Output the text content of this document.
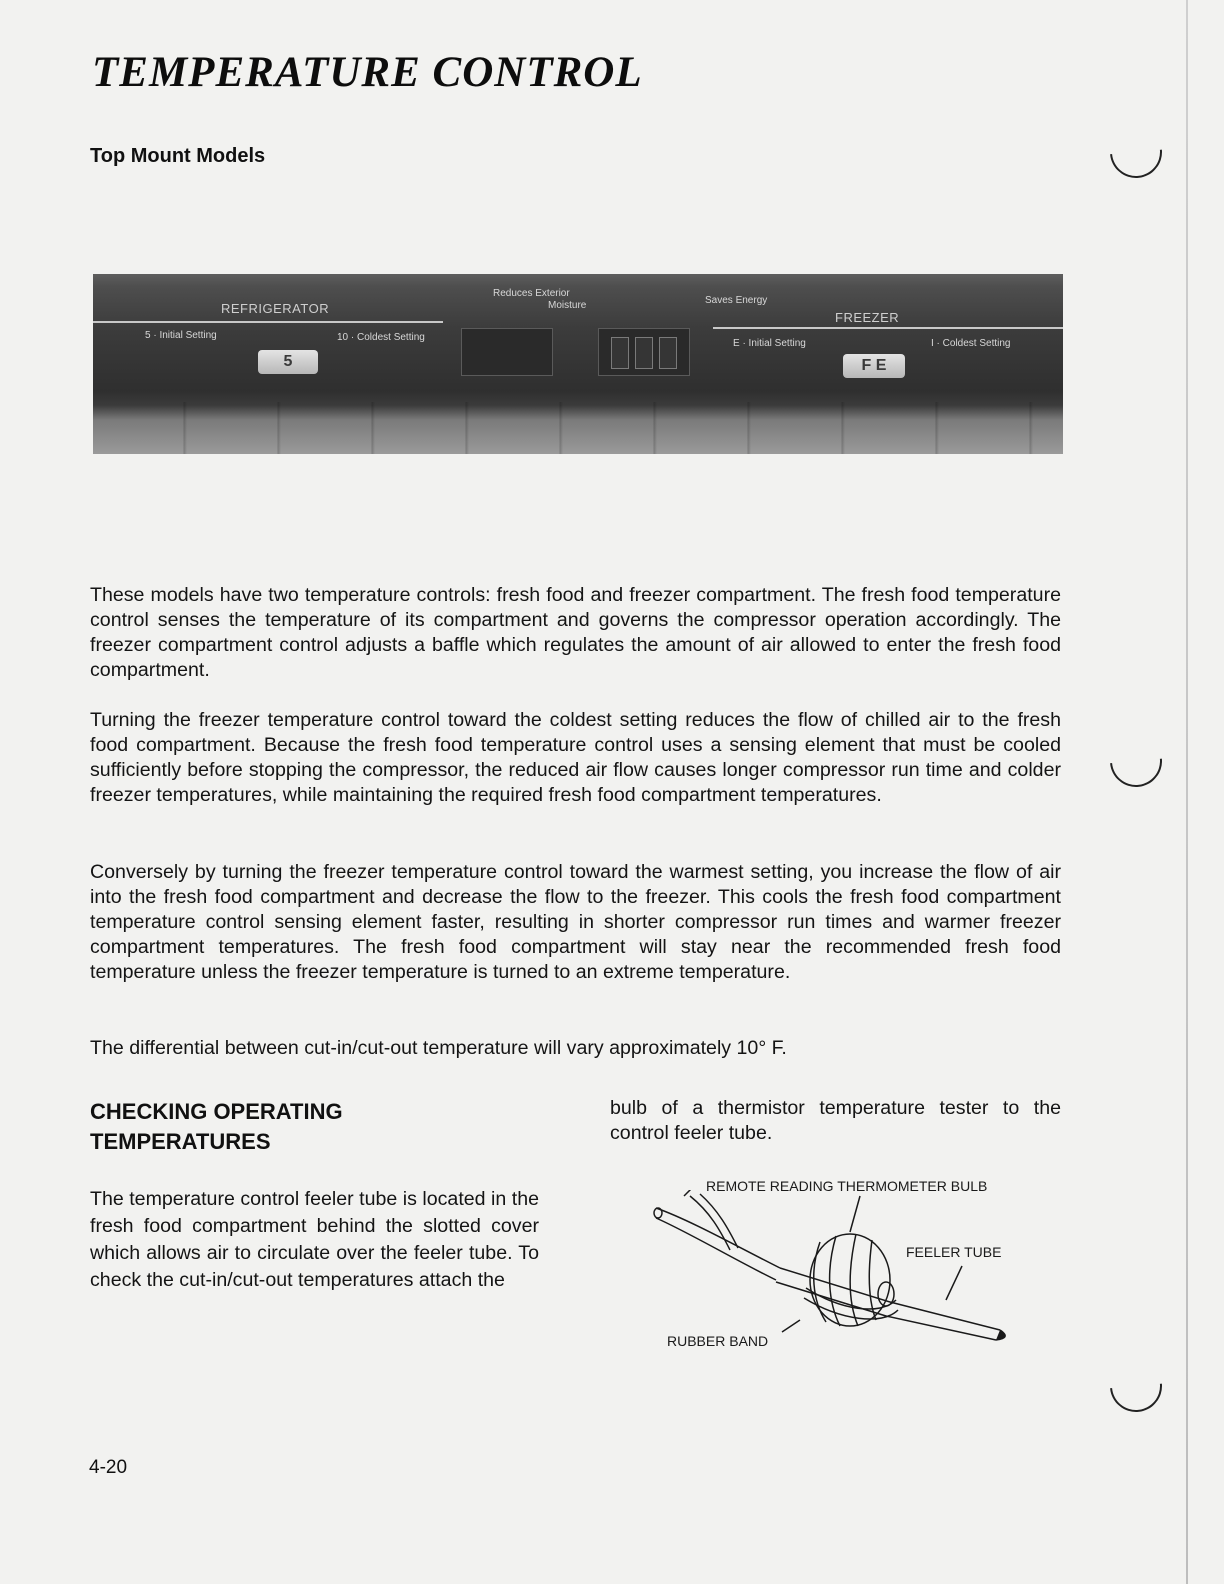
TEMPERATURE CONTROL
Top Mount Models
REFRIGERATOR
5 · Initial Setting	10 · Coldest Setting
5
Reduces Exterior
Moisture	Saves Energy
FREEZER
E · Initial Setting	I · Coldest Setting
F E

These models have two temperature controls: fresh food and freezer compartment. The fresh food temperature control senses the temperature of its compartment and governs the compressor operation accordingly. The freezer compartment control adjusts a baffle which regulates the amount of air allowed to enter the fresh food compartment.

Turning the freezer temperature control toward the coldest setting reduces the flow of chilled air to the fresh food compartment. Because the fresh food temperature control uses a sensing element that must be cooled sufficiently before stopping the compressor, the reduced air flow causes longer compressor run time and colder freezer temperatures, while maintaining the required fresh food compartment temperatures.

Conversely by turning the freezer temperature control toward the warmest setting, you increase the flow of air into the fresh food compartment and decrease the flow to the freezer. This cools the fresh food compartment temperature control sensing element faster, resulting in shorter compressor run times and warmer freezer compartment temperatures. The fresh food compartment will stay near the recommended fresh food temperature unless the freezer temperature is turned to an extreme temperature.

The differential between cut-in/cut-out temperature will vary approximately 10° F.

CHECKING OPERATING TEMPERATURES

The temperature control feeler tube is located in the fresh food compartment behind the slotted cover which allows air to circulate over the feeler tube. To check the cut-in/cut-out temperatures attach the

bulb of a thermistor temperature tester to the control feeler tube.

REMOTE READING THERMOMETER BULB
FEELER TUBE
RUBBER BAND
4-20
